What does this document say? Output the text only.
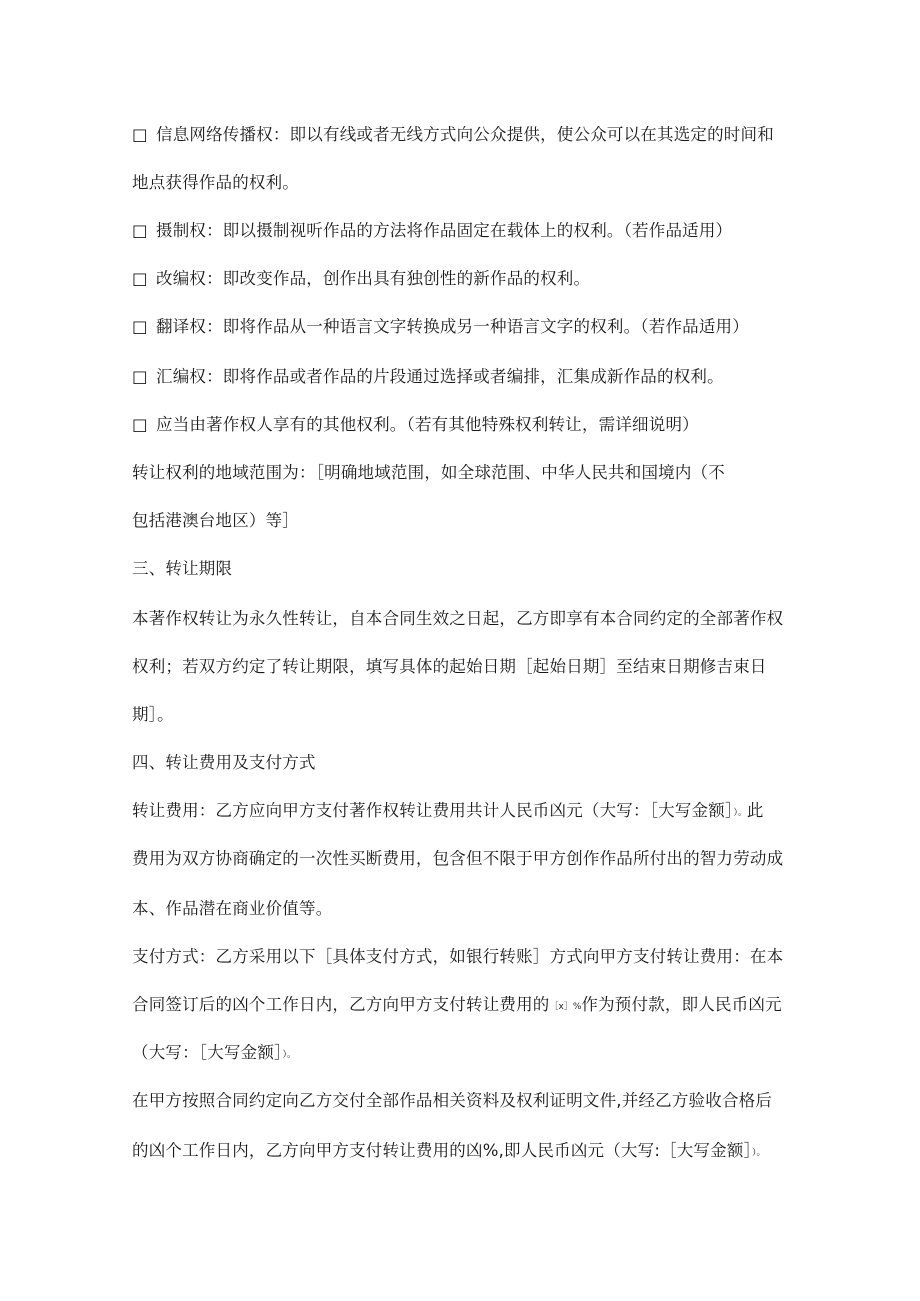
□ 信息网络传播权：即以有线或者无线方式向公众提供，使公众可以在其选定的时间和
地点获得作品的权利。
□ 摄制权：即以摄制视听作品的方法将作品固定在载体上的权利。（若作品适用）
□ 改编权：即改变作品，创作出具有独创性的新作品的权利。
□ 翻译权：即将作品从一种语言文字转换成另一种语言文字的权利。（若作品适用）
□ 汇编权：即将作品或者作品的片段通过选择或者编排，汇集成新作品的权利。
□ 应当由著作权人享有的其他权利。（若有其他特殊权利转让，需详细说明）
转让权利的地域范围为：［明确地域范围，如全球范围、中华人民共和国境内（不
包括港澳台地区）等］
三、转让期限
本著作权转让为永久性转让，自本合同生效之日起，乙方即享有本合同约定的全部著作权
权利；若双方约定了转让期限，填写具体的起始日期［起始日期］至结束日期修吉束日
期］。
四、转让费用及支付方式
转让费用：乙方应向甲方支付著作权转让费用共计人民币凶元（大写：［大写金额］）。此
费用为双方协商确定的一次性买断费用，包含但不限于甲方创作作品所付出的智力劳动成
本、作品潜在商业价值等。
支付方式：乙方采用以下［具体支付方式，如银行转账］方式向甲方支付转让费用：在本
合同签订后的凶个工作日内，乙方向甲方支付转让费用的［x］%作为预付款，即人民币凶元
（大写：［大写金额］）。
在甲方按照合同约定向乙方交付全部作品相关资料及权利证明文件,并经乙方验收合格后
的凶个工作日内，乙方向甲方支付转让费用的凶%,即人民币凶元（大写:［大写金额］）。
